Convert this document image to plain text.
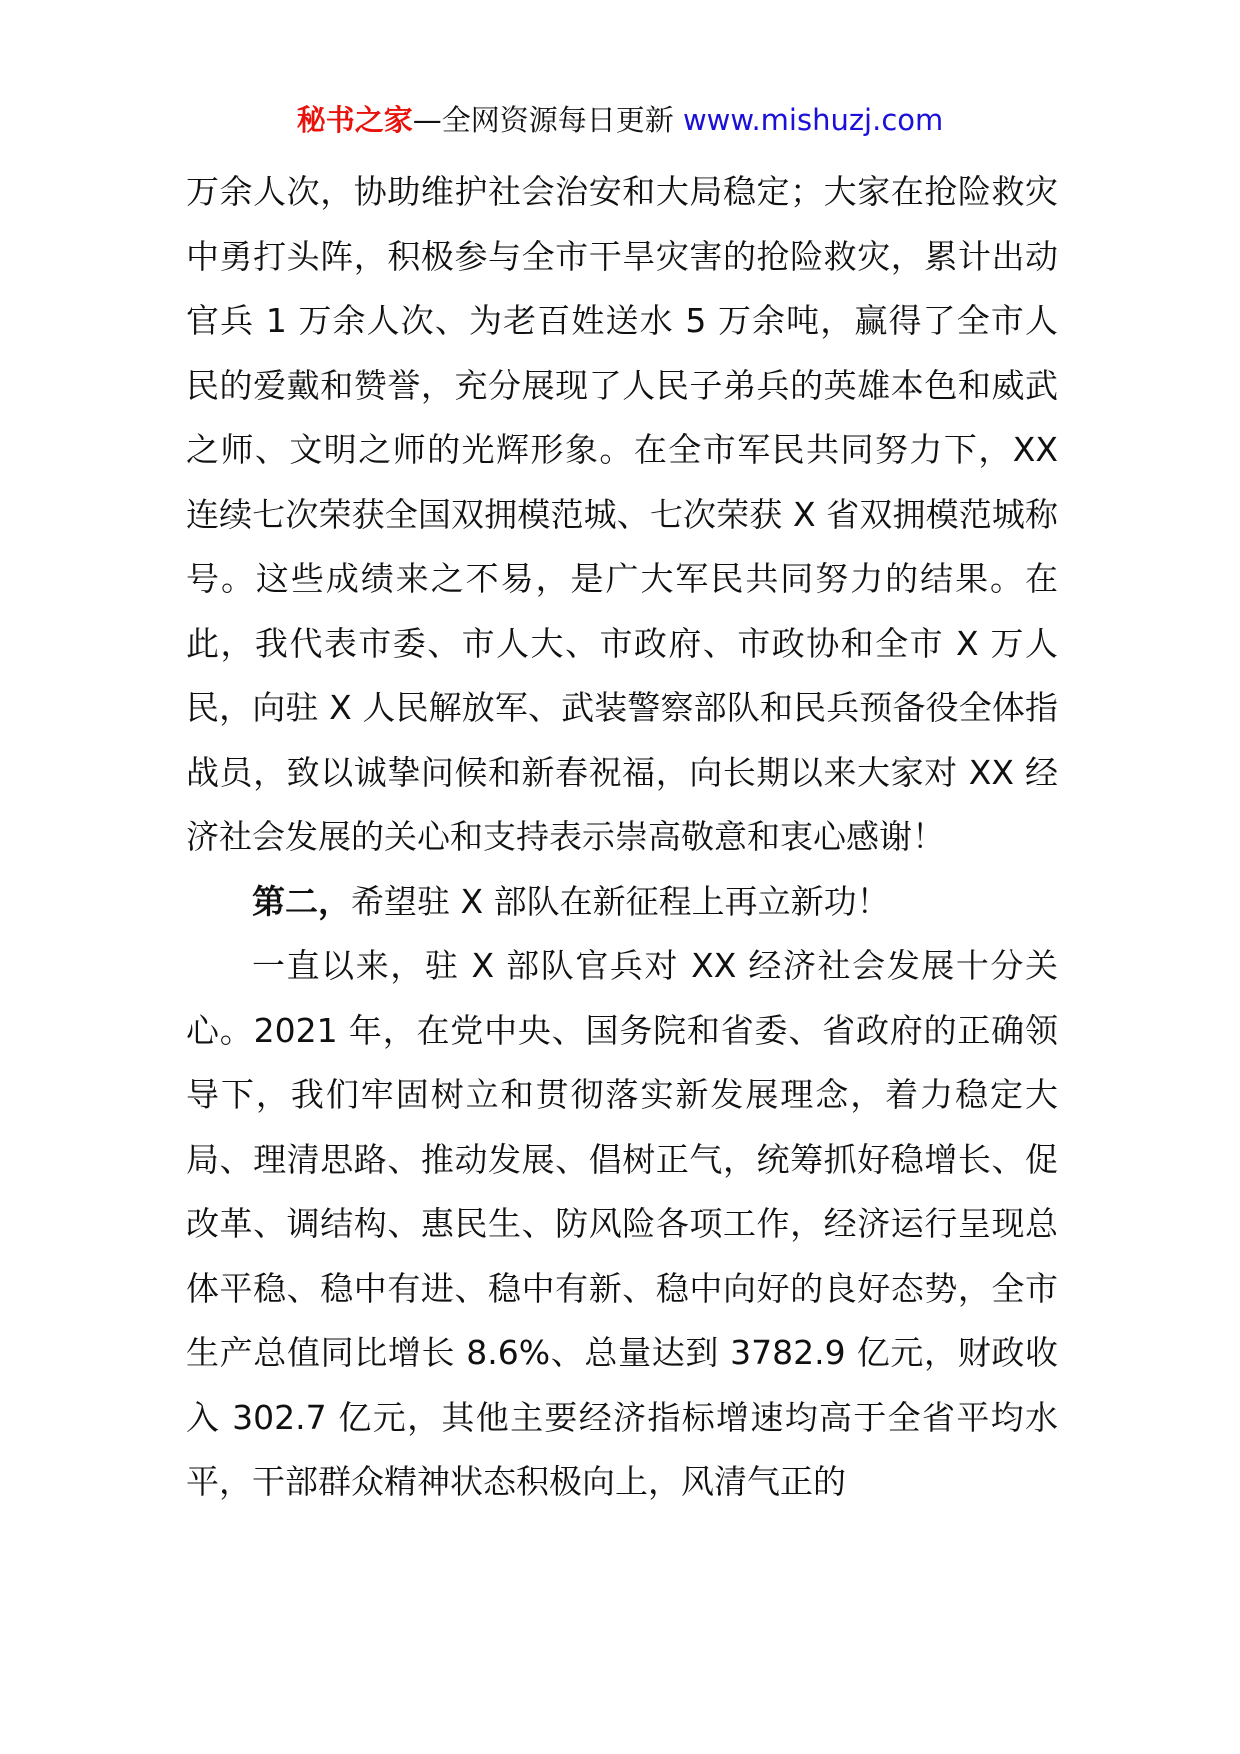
秘书之家—全网资源每日更新 www.mishuzj.com

万余人次，协助维护社会治安和大局稳定；大家在抢险救灾中勇打头阵，积极参与全市干旱灾害的抢险救灾，累计出动官兵 1 万余人次、为老百姓送水 5 万余吨，赢得了全市人民的爱戴和赞誉，充分展现了人民子弟兵的英雄本色和威武之师、文明之师的光辉形象。在全市军民共同努力下，XX 连续七次荣获全国双拥模范城、七次荣获 X 省双拥模范城称号。这些成绩来之不易，是广大军民共同努力的结果。在此，我代表市委、市人大、市政府、市政协和全市 X 万人民，向驻 X 人民解放军、武装警察部队和民兵预备役全体指战员，致以诚挚问候和新春祝福，向长期以来大家对 XX 经济社会发展的关心和支持表示崇高敬意和衷心感谢！

第二，希望驻 X 部队在新征程上再立新功！

一直以来，驻 X 部队官兵对 XX 经济社会发展十分关心。2021 年，在党中央、国务院和省委、省政府的正确领导下，我们牢固树立和贯彻落实新发展理念，着力稳定大局、理清思路、推动发展、倡树正气，统筹抓好稳增长、促改革、调结构、惠民生、防风险各项工作，经济运行呈现总体平稳、稳中有进、稳中有新、稳中向好的良好态势，全市生产总值同比增长 8.6%、总量达到 3782.9 亿元，财政收入 302.7 亿元，其他主要经济指标增速均高于全省平均水平，干部群众精神状态积极向上，风清气正的
